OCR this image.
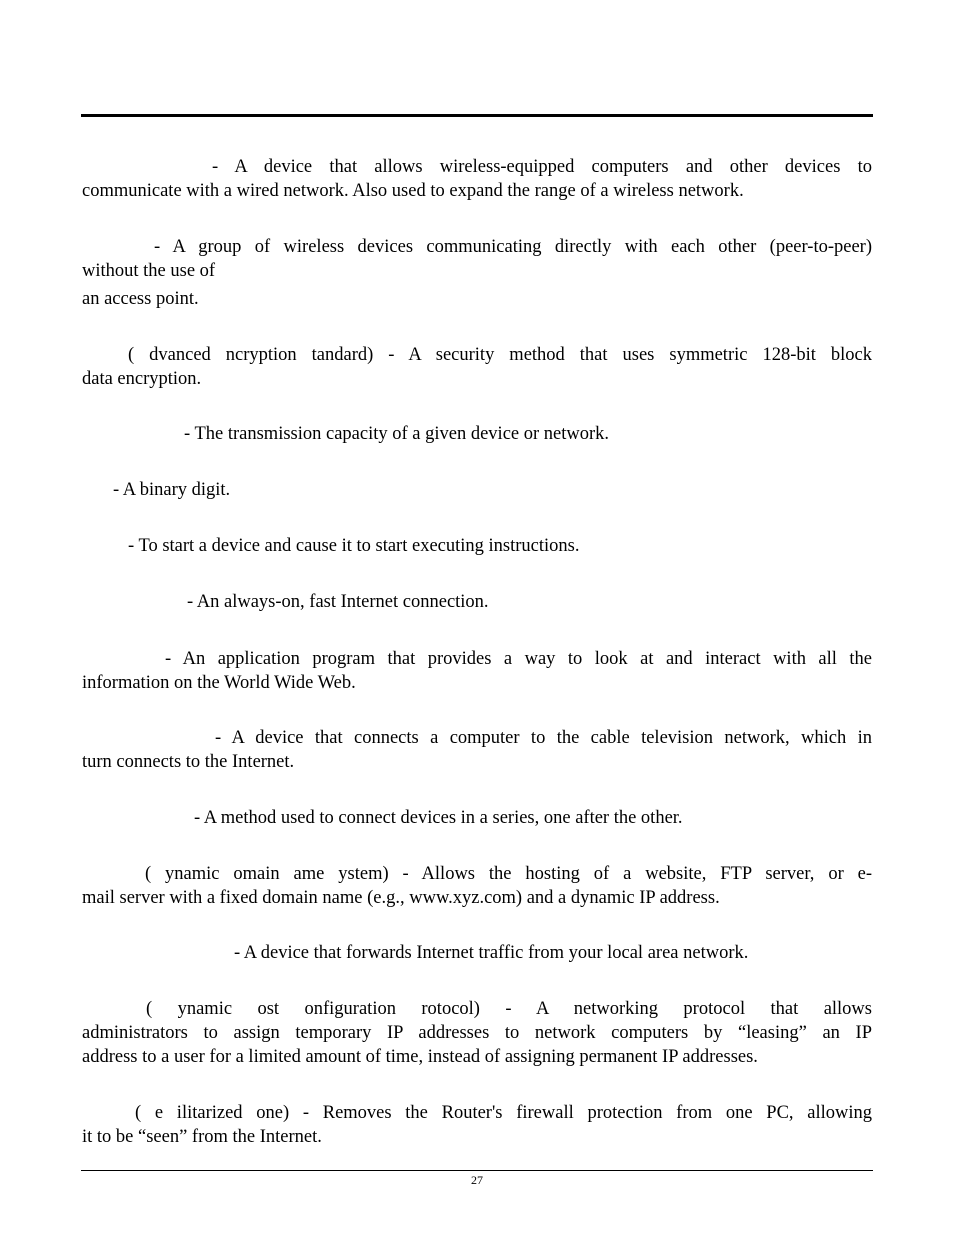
- A device that allows wireless-equipped computers and other devices to
communicate with a wired network. Also used to expand the range of a wireless network.
- A group of wireless devices communicating directly with each other (peer-to-peer)
without the use of
an access point.
( dvanced ncryption tandard) - A security method that uses symmetric 128-bit block
data encryption.
- The transmission capacity of a given device or network.
- A binary digit.
- To start a device and cause it to start executing instructions.
- An always-on, fast Internet connection.
- An application program that provides a way to look at and interact with all the
information on the World Wide Web.
- A device that connects a computer to the cable television network, which in
turn connects to the Internet.
- A method used to connect devices in a series, one after the other.
( ynamic omain ame ystem) - Allows the hosting of a website, FTP server, or e-
mail server with a fixed domain name (e.g., www.xyz.com) and a dynamic IP address.
- A device that forwards Internet traffic from your local area network.
( ynamic ost onfiguration rotocol) - A networking protocol that allows
administrators to assign temporary IP addresses to network computers by “leasing” an IP
address to a user for a limited amount of time, instead of assigning permanent IP addresses.
( e ilitarized one) - Removes the Router's firewall protection from one PC, allowing
it to be “seen” from the Internet.
27
